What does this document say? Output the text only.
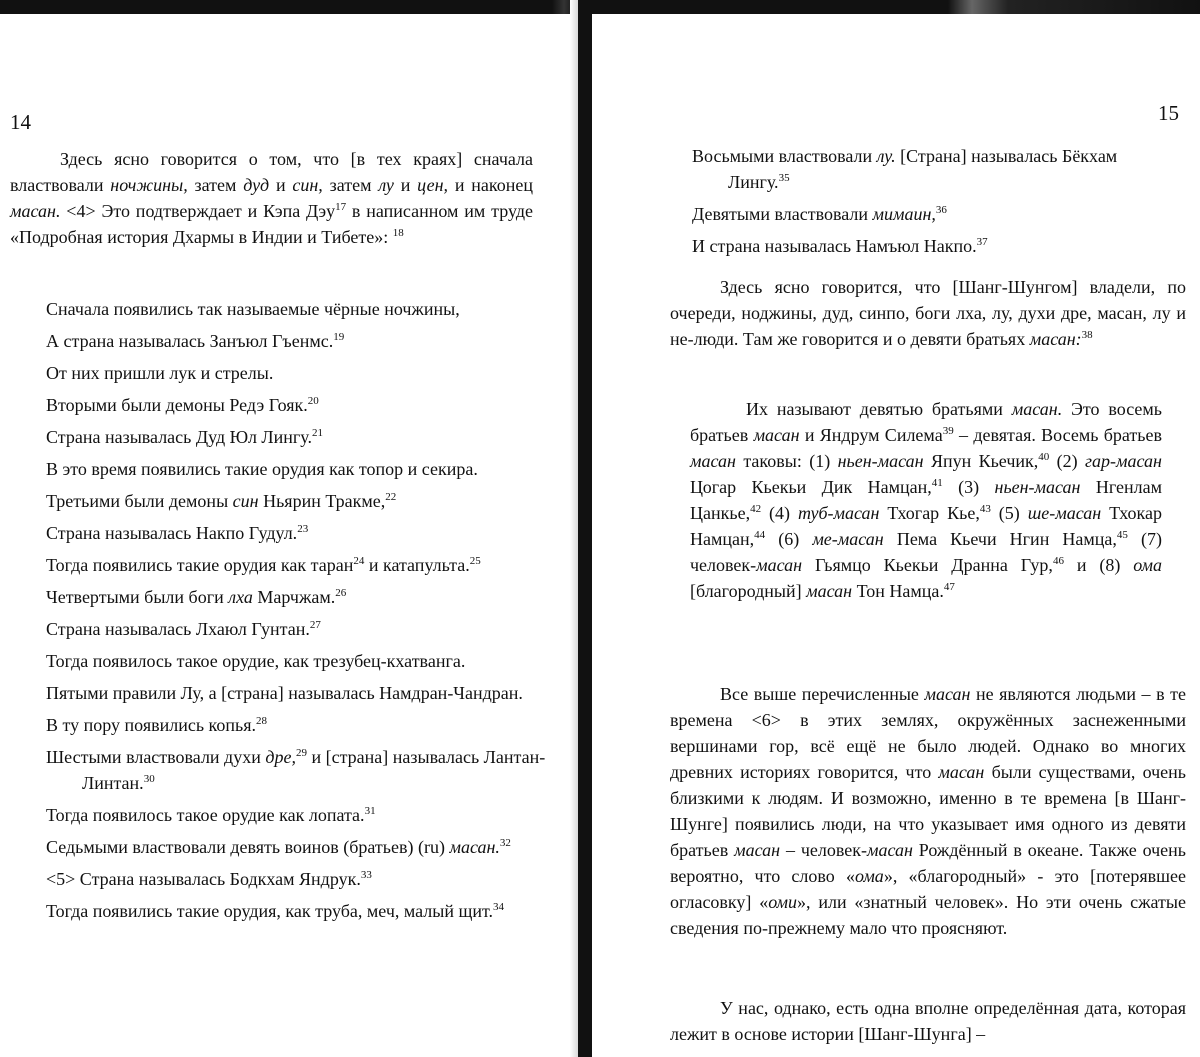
14

Здесь ясно говорится о том, что [в тех краях] сначала властвовали ночжины, затем дуд и син, затем лу и цен, и наконец масан. <4> Это подтверждает и Кэпа Дэу17 в написанном им труде «Подробная история Дхармы в Индии и Тибете»: 18

Сначала появились так называемые чёрные ночжины,
А страна называлась Занъюл Гъенмс.19
От них пришли лук и стрелы.
Вторыми были демоны Редэ Гояк.20
Страна называлась Дуд Юл Лингу.21
В это время появились такие орудия как топор и секира.
Третьими были демоны син Ньярин Тракме,22
Страна называлась Накпо Гудул.23
Тогда появились такие орудия как таран24 и катапульта.25
Четвертыми были боги лха Марчжам.26
Страна называлась Лхаюл Гунтан.27
Тогда появилось такое орудие, как трезубец-кхатванга.
Пятыми правили Лу, а [страна] называлась Намдран-Чандран.
В ту пору появились копья.28
Шестыми властвовали духи дре,29 и [страна] называлась Лантан-Линтан.30
Тогда появилось такое орудие как лопата.31
Седьмыми властвовали девять воинов (братьев) (ru) масан.32
<5> Страна называлась Бодкхам Яндрук.33
Тогда появились такие орудия, как труба, меч, малый щит.34
15
Восьмыми властвовали лу. [Страна] называлась Бёкхам Лингу.35
Девятыми властвовали мимаин,36
И страна называлась Намъюл Накпо.37

Здесь ясно говорится, что [Шанг-Шунгом] владели, по очереди, ноджины, дуд, синпо, боги лха, лу, духи дре, масан, лу и не-люди. Там же говорится и о девяти братьях масан:38

Их называют девятью братьями масан. Это восемь братьев масан и Яндрум Силема39 – девятая. Восемь братьев масан таковы: (1) ньен-масан Япун Кьечик,40 (2) гар-масан Цогар Кьекьи Дик Намцан,41 (3) ньен-масан Нгенлам Цанкье,42 (4) туб-масан Тхогар Кье,43 (5) ше-масан Тхокар Намцан,44 (6) ме-масан Пема Кьечи Нгин Намца,45 (7) человек-масан Гьямцо Кьекьи Дранна Гур,46 и (8) ома [благородный] масан Тон Намца.47

Все выше перечисленные масан не являются людьми – в те времена <6> в этих землях, окружённых заснеженными вершинами гор, всё ещё не было людей. Однако во многих древних историях говорится, что масан были существами, очень близкими к людям. И возможно, именно в те времена [в Шанг-Шунге] появились люди, на что указывает имя одного из девяти братьев масан – человек-масан Рождённый в океане. Также очень вероятно, что слово «ома», «благородный» - это [потерявшее огласовку] «оми», или «знатный человек». Но эти очень сжатые сведения по-прежнему мало что проясняют.

У нас, однако, есть одна вполне определённая дата, которая лежит в основе истории [Шанг-Шунга] –
